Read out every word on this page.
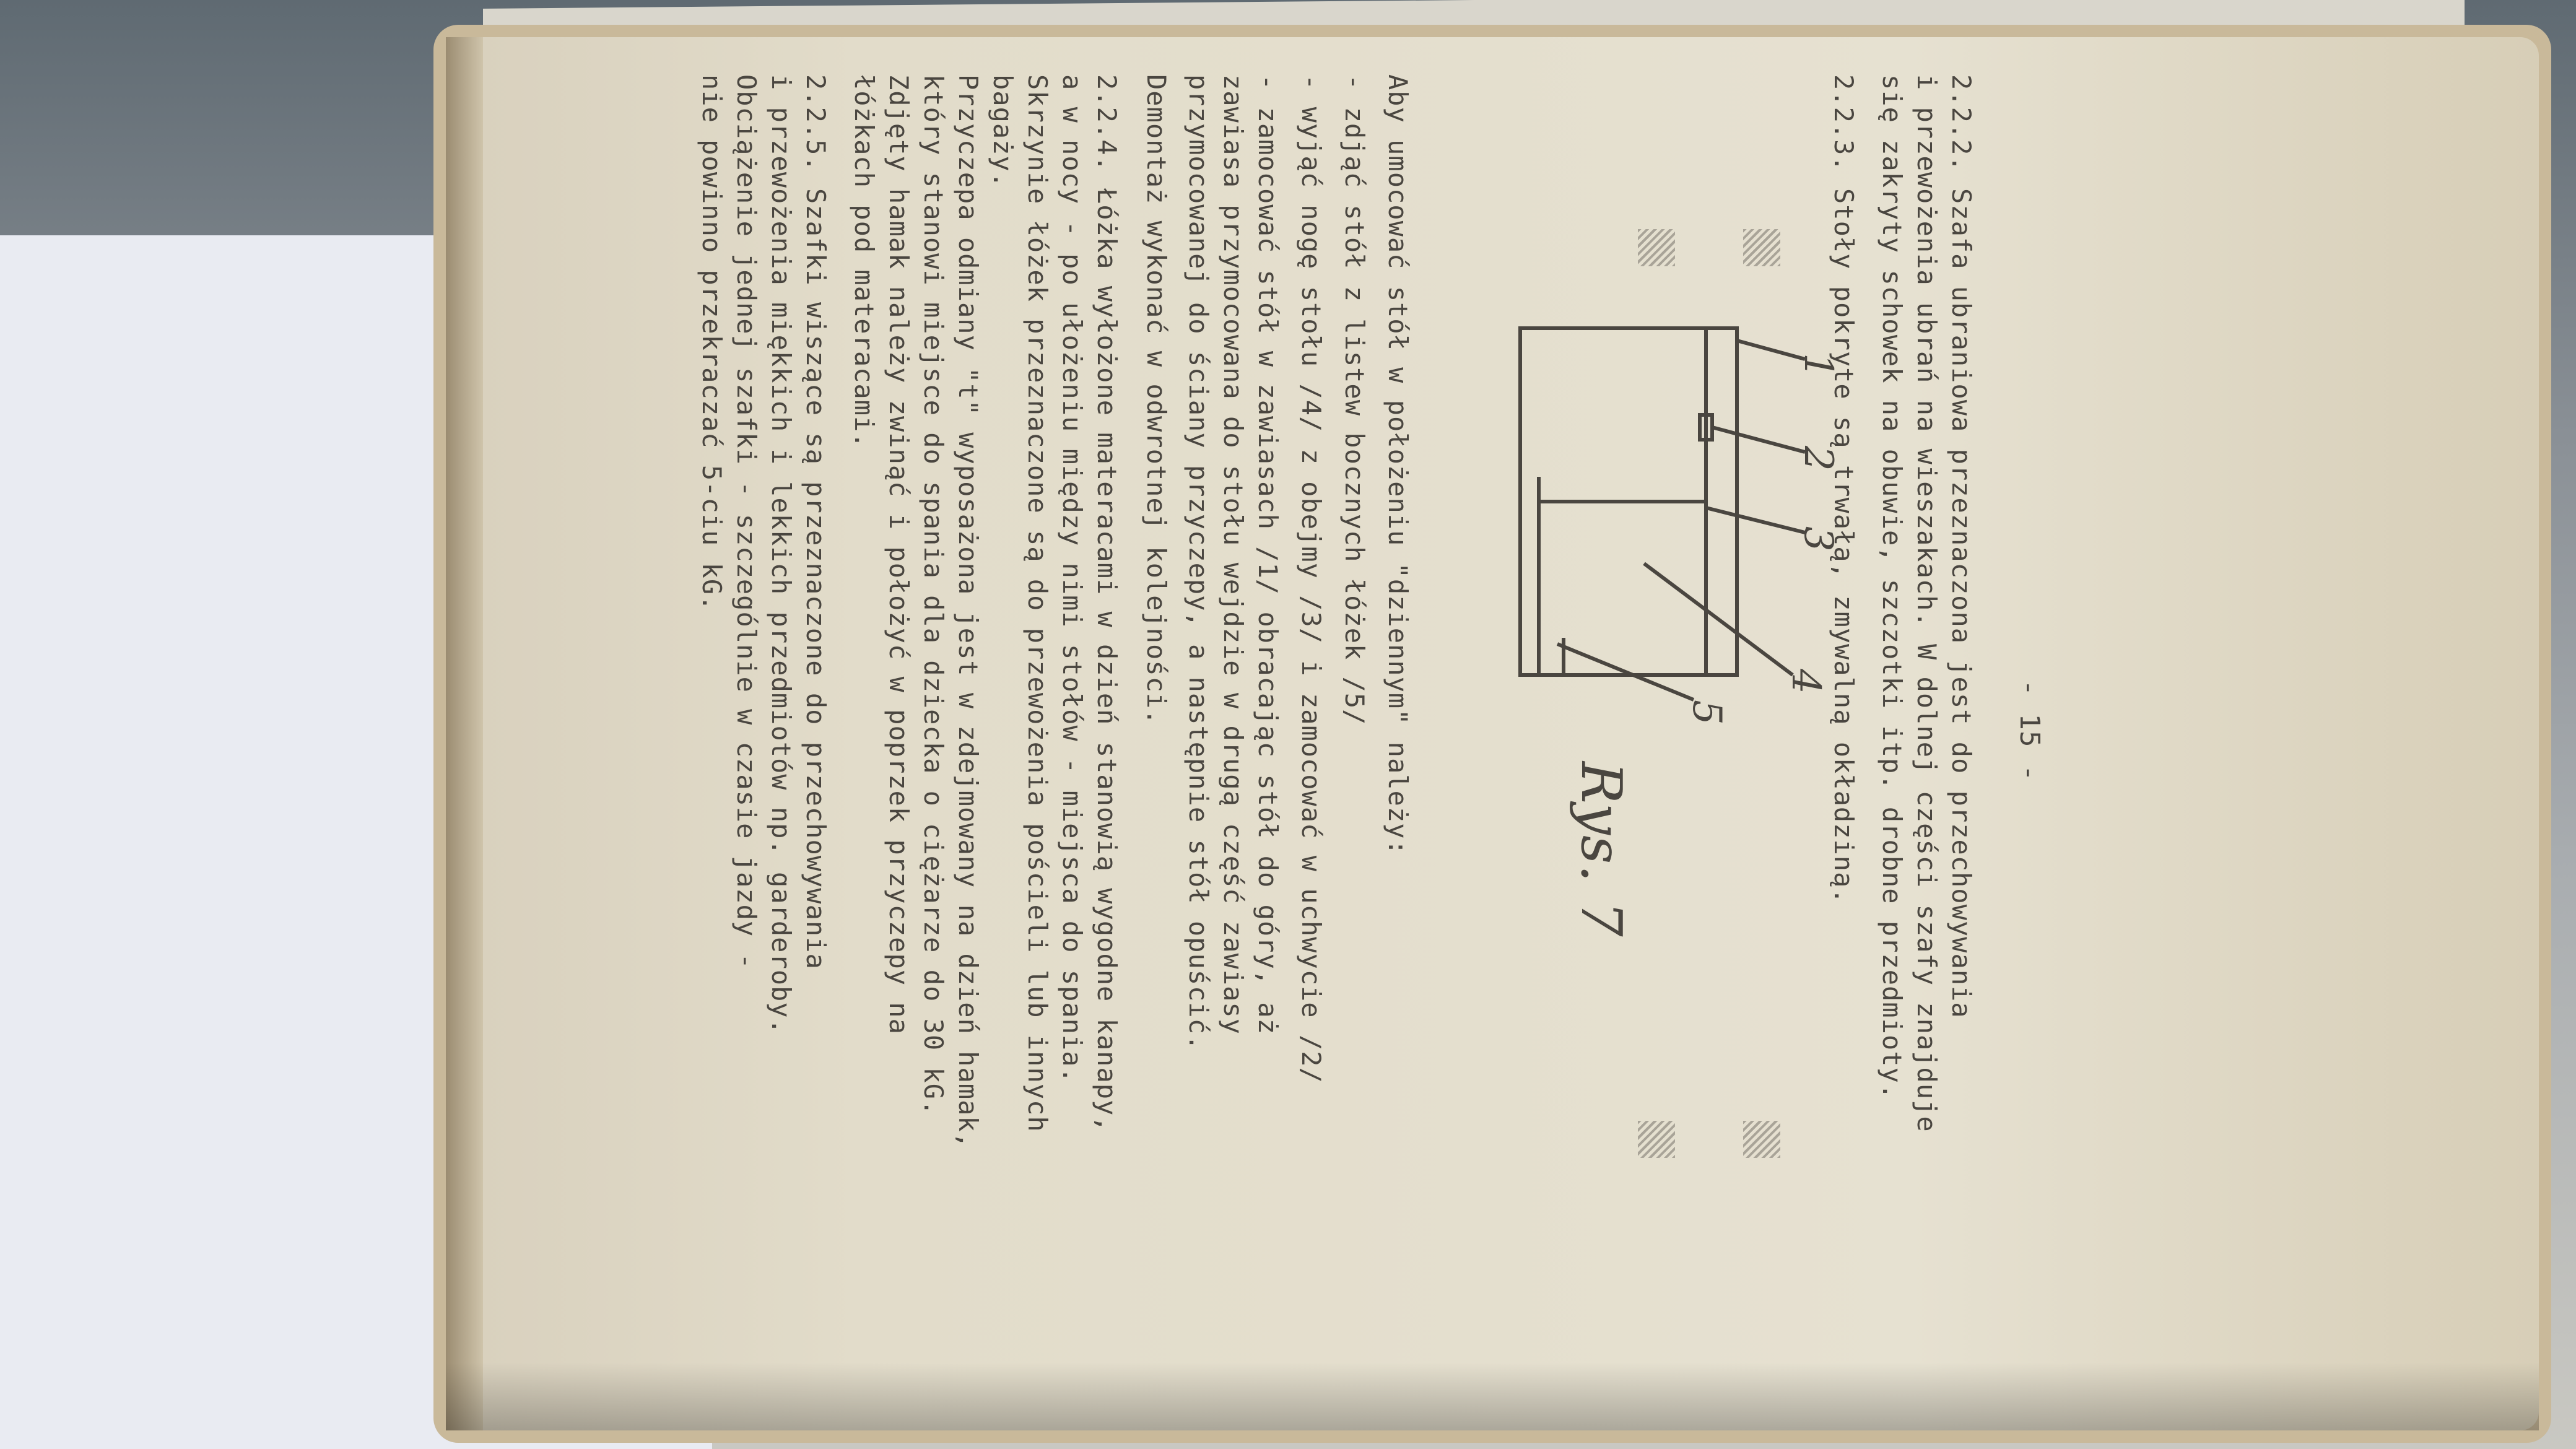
- 15 -
2.2.2. Szafa ubraniowa przeznaczona jest do przechowywania
i przewożenia ubrań na wieszakach. W dolnej części szafy znajduje
się zakryty schowek na obuwie, szczotki itp. drobne przedmioty.
2.2.3. Stoły pokryte są trwałą, zmywalną okładziną.
1
2
3
4
5
Rys. 7
Aby umocować stół w położeniu "dziennym" należy:
- zdjąć stół z listew bocznych łóżek /5/
- wyjąć nogę stołu /4/ z obejmy /3/ i zamocować w uchwycie /2/
- zamocować stół w zawiasach /1/ obracając stół do góry, aż
zawiasa przymocowana do stołu wejdzie w drugą część zawiasy
przymocowanej do ściany przyczepy, a następnie stół opuścić.
Demontaż wykonać w odwrotnej kolejności.
2.2.4. Łóżka wyłożone materacami w dzień stanowią wygodne kanapy,
a w nocy - po ułożeniu między nimi stołów - miejsca do spania.
Skrzynie łóżek przeznaczone są do przewożenia pościeli lub innych
bagaży.
Przyczepa odmiany "t" wyposażona jest w zdejmowany na dzień hamak,
który stanowi miejsce do spania dla dziecka o ciężarze do 30 kG.
Zdjęty hamak należy zwinąć i położyć w poprzek przyczepy na
łóżkach pod materacami.
2.2.5. Szafki wiszące są przeznaczone do przechowywania
i przewożenia miękkich i lekkich przedmiotów np. garderoby.
Obciążenie jednej szafki - szczególnie w czasie jazdy -
nie powinno przekraczać 5-ciu kG.
